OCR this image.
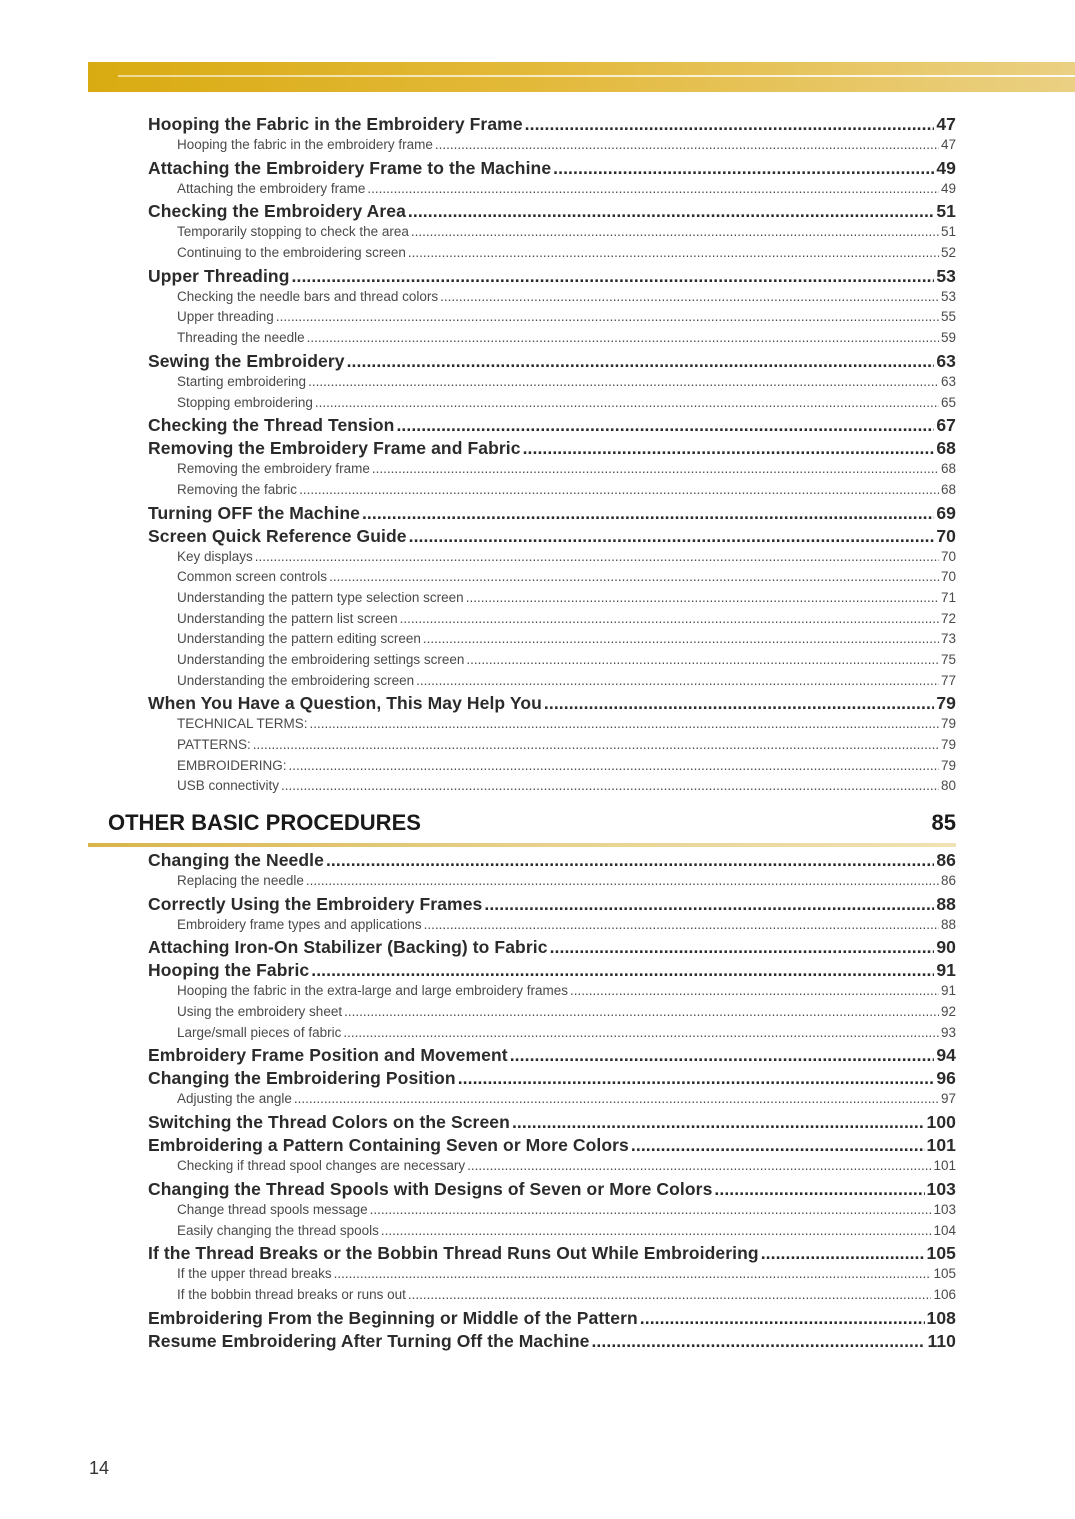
Hooping the Fabric in the Embroidery Frame .....	47
Hooping the fabric in the embroidery frame .....	47
Attaching the Embroidery Frame to the Machine .....	49
Attaching the embroidery frame .....	49
Checking the Embroidery Area .....	51
Temporarily stopping to check the area .....	51
Continuing to the embroidering screen .....	52
Upper Threading .....	53
Checking the needle bars and thread colors .....	53
Upper threading .....	55
Threading the needle .....	59
Sewing the Embroidery .....	63
Starting embroidering .....	63
Stopping embroidering .....	65
Checking the Thread Tension .....	67
Removing the Embroidery Frame and Fabric .....	68
Removing the embroidery frame .....	68
Removing the fabric .....	68
Turning OFF the Machine .....	69
Screen Quick Reference Guide .....	70
Key displays .....	70
Common screen controls .....	70
Understanding the pattern type selection screen .....	71
Understanding the pattern list screen .....	72
Understanding the pattern editing screen .....	73
Understanding the embroidering settings screen .....	75
Understanding the embroidering screen .....	77
When You Have a Question, This May Help You .....	79
TECHNICAL TERMS: .....	79
PATTERNS: .....	79
EMBROIDERING: .....	79
USB connectivity .....	80
OTHER BASIC PROCEDURES	85
Changing the Needle .....	86
Replacing the needle .....	86
Correctly Using the Embroidery Frames .....	88
Embroidery frame types and applications .....	88
Attaching Iron-On Stabilizer (Backing) to Fabric .....	90
Hooping the Fabric .....	91
Hooping the fabric in the extra-large and large embroidery frames .....	91
Using the embroidery sheet .....	92
Large/small pieces of fabric .....	93
Embroidery Frame Position and Movement .....	94
Changing the Embroidering Position .....	96
Adjusting the angle .....	97
Switching the Thread Colors on the Screen .....	100
Embroidering a Pattern Containing Seven or More Colors .....	101
Checking if thread spool changes are necessary .....	101
Changing the Thread Spools with Designs of Seven or More Colors .....	103
Change thread spools message .....	103
Easily changing the thread spools .....	104
If the Thread Breaks or the Bobbin Thread Runs Out While Embroidering .....	105
If the upper thread breaks .....	105
If the bobbin thread breaks or runs out .....	106
Embroidering From the Beginning or Middle of the Pattern .....	108
Resume Embroidering After Turning Off the Machine .....	110
14
